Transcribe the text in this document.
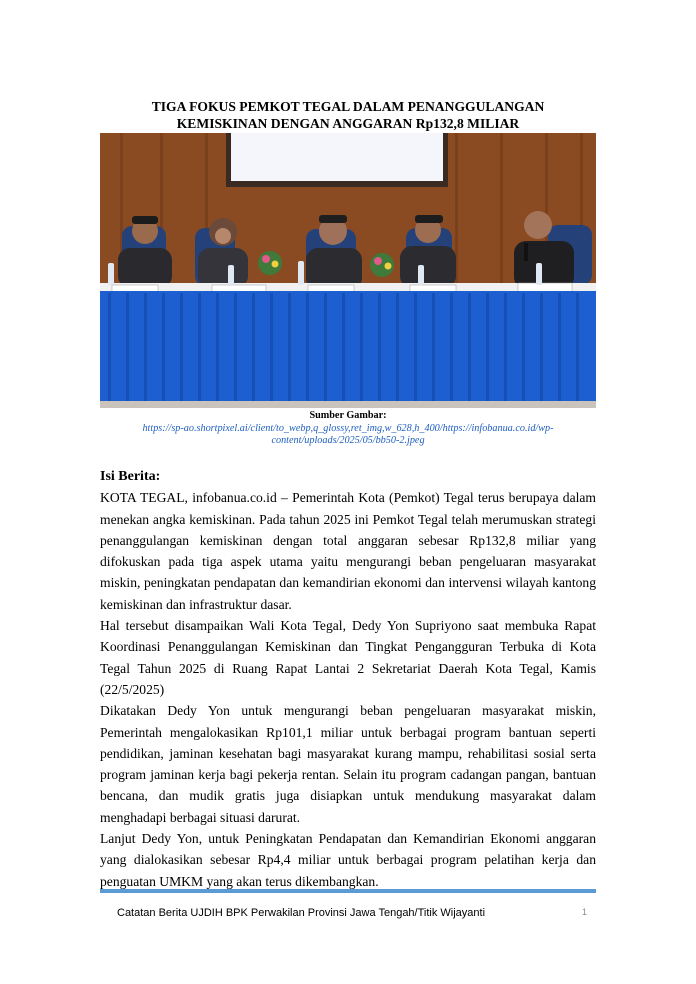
TIGA FOKUS PEMKOT TEGAL DALAM PENANGGULANGAN
KEMISKINAN DENGAN ANGGARAN Rp132,8 MILIAR
Sumber Gambar:
https://sp-ao.shortpixel.ai/client/to_webp,q_glossy,ret_img,w_628,h_400/https://infobanua.co.id/wp-content/uploads/2025/05/bb50-2.jpeg
Isi Berita:

KOTA TEGAL, infobanua.co.id – Pemerintah Kota (Pemkot) Tegal terus berupaya dalam menekan angka kemiskinan. Pada tahun 2025 ini Pemkot Tegal telah merumuskan strategi penanggulangan kemiskinan dengan total anggaran sebesar Rp132,8 miliar yang difokuskan pada tiga aspek utama yaitu mengurangi beban pengeluaran masyarakat miskin, peningkatan pendapatan dan kemandirian ekonomi dan intervensi wilayah kantong kemiskinan dan infrastruktur dasar.

Hal tersebut disampaikan Wali Kota Tegal, Dedy Yon Supriyono saat membuka Rapat Koordinasi Penanggulangan Kemiskinan dan Tingkat Pengangguran Terbuka di Kota Tegal Tahun 2025 di Ruang Rapat Lantai 2 Sekretariat Daerah Kota Tegal, Kamis (22/5/2025)

Dikatakan Dedy Yon untuk mengurangi beban pengeluaran masyarakat miskin, Pemerintah mengalokasikan Rp101,1 miliar untuk berbagai program bantuan seperti pendidikan, jaminan kesehatan bagi masyarakat kurang mampu, rehabilitasi sosial serta program jaminan kerja bagi pekerja rentan. Selain itu program cadangan pangan, bantuan bencana, dan mudik gratis juga disiapkan untuk mendukung masyarakat dalam menghadapi berbagai situasi darurat.

Lanjut Dedy Yon, untuk Peningkatan Pendapatan dan Kemandirian Ekonomi anggaran yang dialokasikan sebesar Rp4,4 miliar untuk berbagai program pelatihan kerja dan penguatan UMKM yang akan terus dikembangkan.

Catatan Berita UJDIH BPK Perwakilan Provinsi Jawa Tengah/Titik Wijayanti	1
